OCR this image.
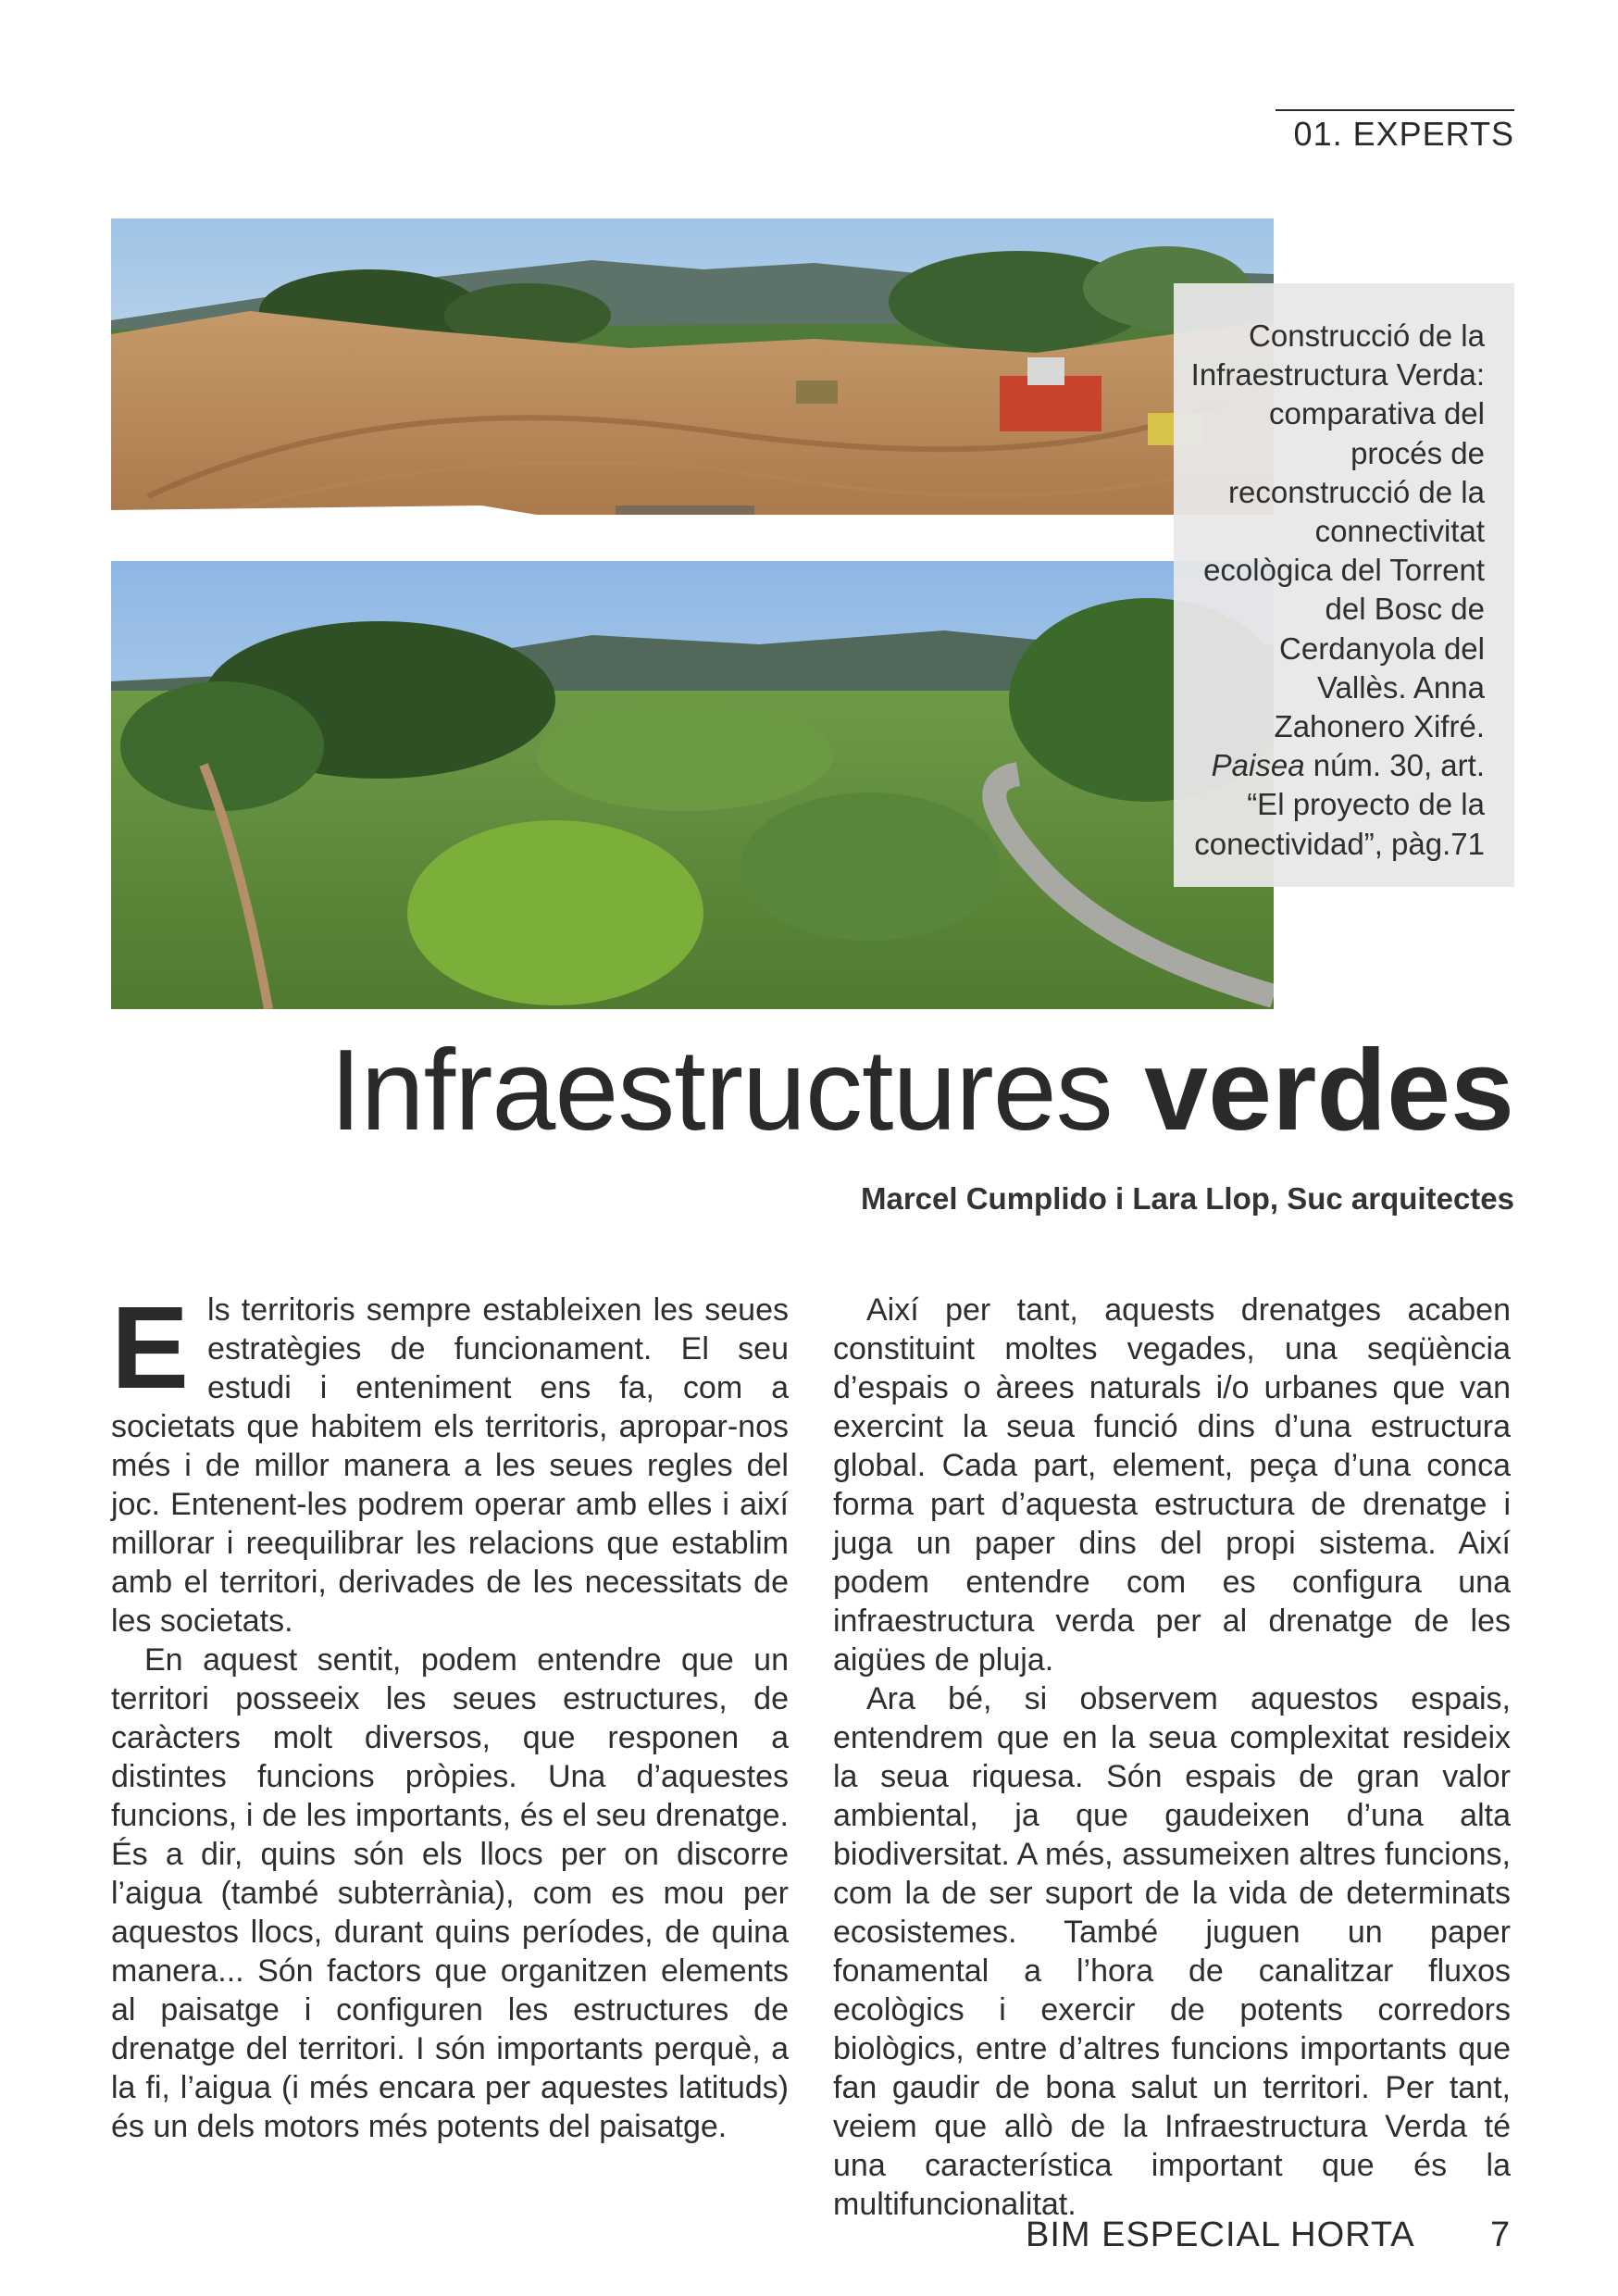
01. EXPERTS

Construcció de la Infraestructura Verda: comparativa del procés de reconstrucció de la connectivitat ecològica del Torrent del Bosc de Cerdanyola del Vallès. Anna Zahonero Xifré. Paisea núm. 30, art. “El proyecto de la conectividad”, pàg.71

Infraestructures verdes
Marcel Cumplido i Lara Llop, Suc arquitectes

Els territoris sempre estableixen les seues estratègies de funcionament. El seu estudi i enteniment ens fa, com a societats que habitem els territoris, apropar-nos més i de millor manera a les seues regles del joc. Entenent-les podrem operar amb elles i així millorar i reequilibrar les relacions que establim amb el territori, derivades de les necessitats de les societats.

En aquest sentit, podem entendre que un territori posseeix les seues estructures, de caràcters molt diversos, que responen a distintes funcions pròpies. Una d’aquestes funcions, i de les importants, és el seu drenatge. És a dir, quins són els llocs per on discorre l’aigua (també subterrània), com es mou per aquestos llocs, durant quins períodes, de quina manera... Són factors que organitzen elements al paisatge i configuren les estructures de drenatge del territori. I són importants perquè, a la fi, l’aigua (i més encara per aquestes latituds) és un dels motors més potents del paisatge.

Així per tant, aquests drenatges acaben constituint moltes vegades, una seqüència d’espais o àrees naturals i/o urbanes que van exercint la seua funció dins d’una estructura global. Cada part, element, peça d’una conca forma part d’aquesta estructura de drenatge i juga un paper dins del propi sistema. Així podem entendre com es configura una infraestructura verda per al drenatge de les aigües de pluja.

Ara bé, si observem aquestos espais, entendrem que en la seua complexitat resideix la seua riquesa. Són espais de gran valor ambiental, ja que gaudeixen d’una alta biodiversitat. A més, assumeixen altres funcions, com la de ser suport de la vida de determinats ecosistemes. També juguen un paper fonamental a l’hora de canalitzar fluxos ecològics i exercir de potents corredors biològics, entre d’altres funcions importants que fan gaudir de bona salut un territori. Per tant, veiem que allò de la Infraestructura Verda té una característica important que és la multifuncionalitat.

BIM ESPECIAL HORTA 7
